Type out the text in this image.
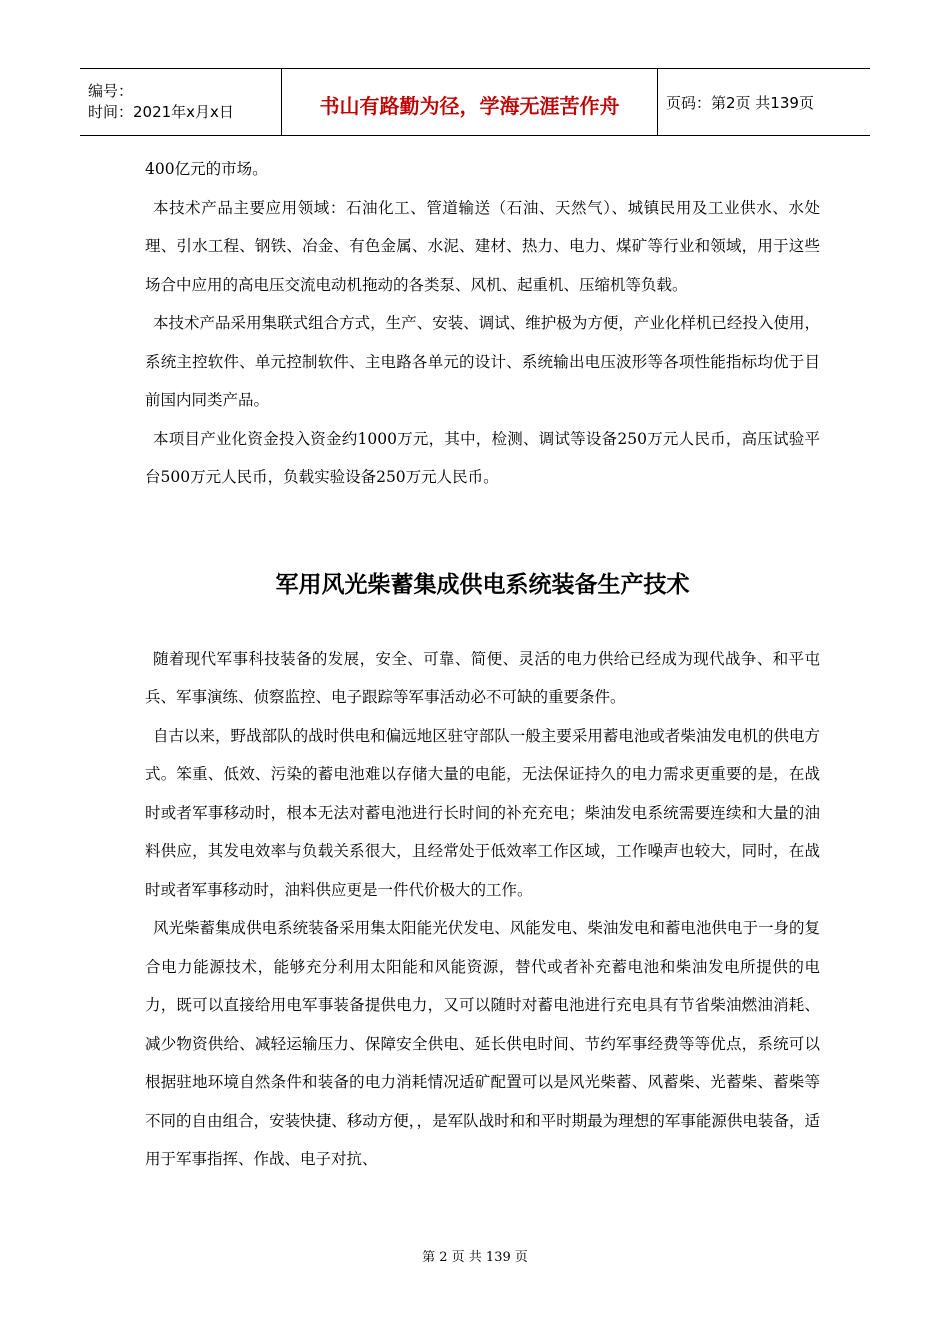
编号：
时间：2021年x月x日	书山有路勤为径，学海无涯苦作舟	页码：第2页 共139页

400亿元的市场。

本技术产品主要应用领域：石油化工、管道输送（石油、天然气）、城镇民用及工业供水、水处理、引水工程、钢铁、冶金、有色金属、水泥、建材、热力、电力、煤矿等行业和领域，用于这些场合中应用的高电压交流电动机拖动的各类泵、风机、起重机、压缩机等负载。

本技术产品采用集联式组合方式，生产、安装、调试、维护极为方便，产业化样机已经投入使用，系统主控软件、单元控制软件、主电路各单元的设计、系统输出电压波形等各项性能指标均优于目前国内同类产品。

本项目产业化资金投入资金约1000万元，其中，检测、调试等设备250万元人民币，高压试验平台500万元人民币，负载实验设备250万元人民币。

军用风光柴蓄集成供电系统装备生产技术

随着现代军事科技装备的发展，安全、可靠、简便、灵活的电力供给已经成为现代战争、和平屯兵、军事演练、侦察监控、电子跟踪等军事活动必不可缺的重要条件。

自古以来，野战部队的战时供电和偏远地区驻守部队一般主要采用蓄电池或者柴油发电机的供电方式。笨重、低效、污染的蓄电池难以存储大量的电能，无法保证持久的电力需求更重要的是，在战时或者军事移动时，根本无法对蓄电池进行长时间的补充充电；柴油发电系统需要连续和大量的油料供应，其发电效率与负载关系很大，且经常处于低效率工作区域，工作噪声也较大，同时，在战时或者军事移动时，油料供应更是一件代价极大的工作。

风光柴蓄集成供电系统装备采用集太阳能光伏发电、风能发电、柴油发电和蓄电池供电于一身的复合电力能源技术，能够充分利用太阳能和风能资源，替代或者补充蓄电池和柴油发电所提供的电力，既可以直接给用电军事装备提供电力，又可以随时对蓄电池进行充电具有节省柴油燃油消耗、减少物资供给、减轻运输压力、保障安全供电、延长供电时间、节约军事经费等等优点，系统可以根据驻地环境自然条件和装备的电力消耗情况适矿配置可以是风光柴蓄、风蓄柴、光蓄柴、蓄柴等不同的自由组合，安装快捷、移动方便，，是军队战时和和平时期最为理想的军事能源供电装备，适用于军事指挥、作战、电子对抗、

第 2 页 共 139 页
